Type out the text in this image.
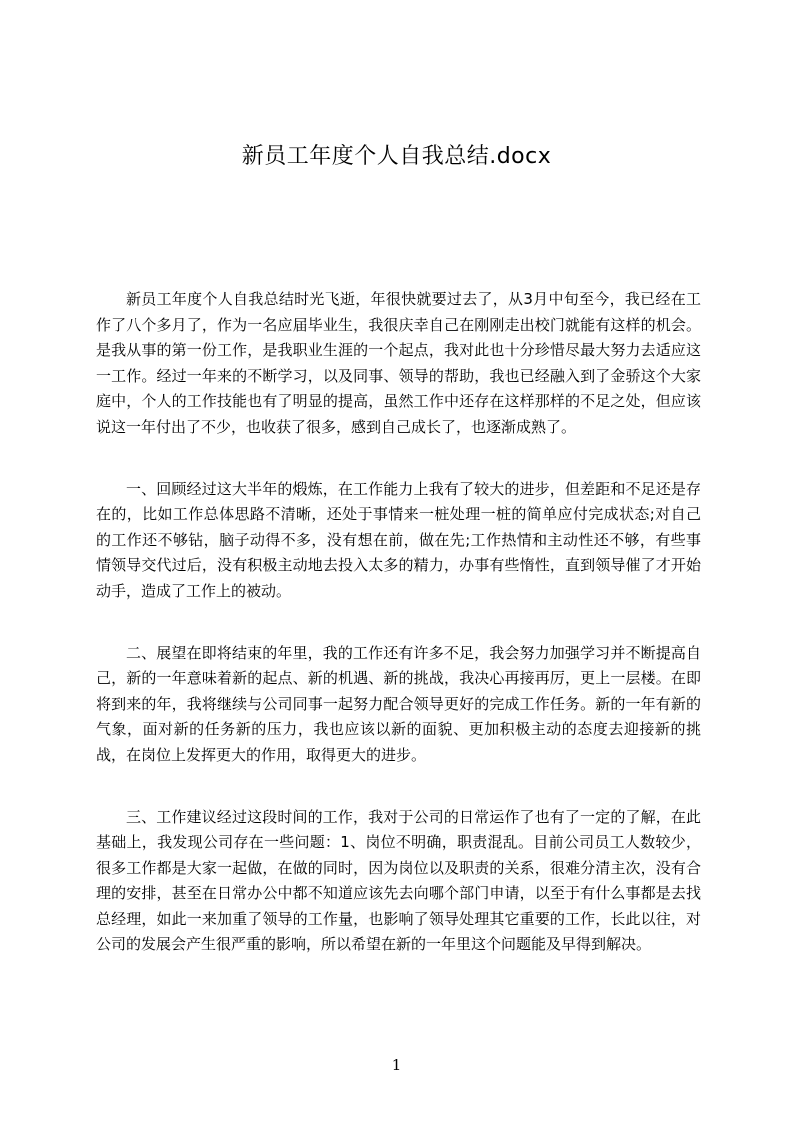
新员工年度个人自我总结.docx

新员工年度个人自我总结时光飞逝，年很快就要过去了，从3月中旬至今，我已经在工作了八个多月了，作为一名应届毕业生，我很庆幸自己在刚刚走出校门就能有这样的机会。是我从事的第一份工作，是我职业生涯的一个起点，我对此也十分珍惜尽最大努力去适应这一工作。经过一年来的不断学习，以及同事、领导的帮助，我也已经融入到了金骄这个大家庭中，个人的工作技能也有了明显的提高，虽然工作中还存在这样那样的不足之处，但应该说这一年付出了不少，也收获了很多，感到自己成长了，也逐渐成熟了。

一、回顾经过这大半年的煅炼，在工作能力上我有了较大的进步，但差距和不足还是存在的，比如工作总体思路不清晰，还处于事情来一桩处理一桩的简单应付完成状态;对自己的工作还不够钻，脑子动得不多，没有想在前，做在先;工作热情和主动性还不够，有些事情领导交代过后，没有积极主动地去投入太多的精力，办事有些惰性，直到领导催了才开始动手，造成了工作上的被动。

二、展望在即将结束的年里，我的工作还有许多不足，我会努力加强学习并不断提高自己，新的一年意味着新的起点、新的机遇、新的挑战，我决心再接再厉，更上一层楼。在即将到来的年，我将继续与公司同事一起努力配合领导更好的完成工作任务。新的一年有新的气象，面对新的任务新的压力，我也应该以新的面貌、更加积极主动的态度去迎接新的挑战，在岗位上发挥更大的作用，取得更大的进步。

三、工作建议经过这段时间的工作，我对于公司的日常运作了也有了一定的了解，在此基础上，我发现公司存在一些问题：1、岗位不明确，职责混乱。目前公司员工人数较少，很多工作都是大家一起做，在做的同时，因为岗位以及职责的关系，很难分清主次，没有合理的安排，甚至在日常办公中都不知道应该先去向哪个部门申请，以至于有什么事都是去找总经理，如此一来加重了领导的工作量，也影响了领导处理其它重要的工作，长此以往，对公司的发展会产生很严重的影响，所以希望在新的一年里这个问题能及早得到解决。

1
